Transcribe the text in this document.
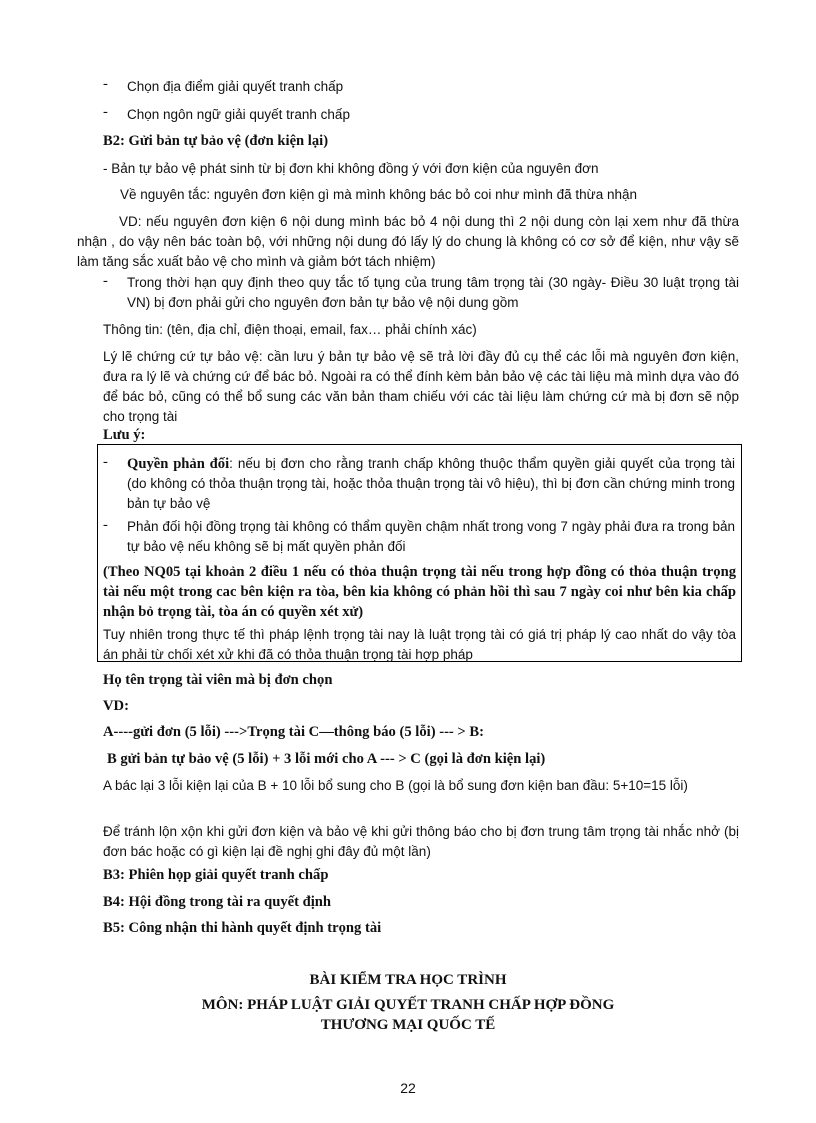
- Chọn địa điểm giải quyết tranh chấp
- Chọn ngôn ngữ giải quyết tranh chấp
B2: Gửi bản tự bảo vệ (đơn kiện lại)
- Bản tự bảo vệ phát sinh từ bị đơn khi không đồng ý với đơn kiện của nguyên đơn
Về nguyên tắc: nguyên đơn kiện gì mà mình không bác bỏ coi như mình đã thừa nhận
VD: nếu nguyên đơn kiện 6 nội dung mình bác bỏ 4 nội dung thì 2 nội dung còn lại xem như đã thừa nhận , do vậy nên bác toàn bộ, với những nội dung đó lấy lý do chung là không có cơ sở để kiện, như vậy sẽ làm tăng sắc xuất bảo vệ cho mình và giảm bớt tách nhiệm)
- Trong thời hạn quy định theo quy tắc tố tụng của trung tâm trọng tài (30 ngày- Điều 30 luật trọng tài VN) bị đơn phải gửi cho nguyên đơn bản tự bảo vệ nội dung gồm
Thông tin: (tên, địa chỉ, điện thoại, email, fax… phải chính xác)
Lý lẽ chứng cứ tự bảo vệ: cần lưu ý bản tự bảo vệ sẽ trả lời đầy đủ cụ thể các lỗi mà nguyên đơn kiện, đưa ra lý lẽ và chứng cứ để bác bỏ. Ngoài ra có thể đính kèm bản bảo vệ các tài liệu mà mình dựa vào đó để bác bỏ, cũng có thể bổ sung các văn bản tham chiếu với các tài liệu làm chứng cứ mà bị đơn sẽ nộp cho trọng tài
Lưu ý:
- Quyền phản đối: nếu bị đơn cho rằng tranh chấp không thuộc thẩm quyền giải quyết của trọng tài (do không có thỏa thuận trọng tài, hoặc thỏa thuận trọng tài vô hiệu), thì bị đơn cần chứng minh trong bản tự bảo vệ
- Phản đối hội đồng trọng tài không có thẩm quyền chậm nhất trong vong 7 ngày phải đưa ra trong bản tự bảo vệ nếu không sẽ bị mất quyền phản đối
(Theo NQ05 tại khoản 2 điều 1 nếu có thỏa thuận trọng tài nếu trong hợp đồng có thỏa thuận trọng tài nếu một trong cac bên kiện ra tòa, bên kia không có phản hồi thì sau 7 ngày coi như bên kia chấp nhận bỏ trọng tài, tòa án có quyền xét xử)
Tuy nhiên trong thực tế thì pháp lệnh trọng tài nay là luật trọng tài có giá trị pháp lý cao nhất do vậy tòa án phải từ chối xét xử khi đã có thỏa thuận trọng tài hợp pháp
Họ tên trọng tài viên mà bị đơn chọn
VD:
A----gửi đơn (5 lỗi) --->Trọng tài C—thông báo (5 lỗi) --- > B:
B gửi bản tự bảo vệ (5 lỗi) + 3 lỗi mới cho A --- > C (gọi là đơn kiện lại)
A bác lại 3 lỗi kiện lại của B + 10 lỗi bổ sung cho B (gọi là bổ sung đơn kiện ban đầu: 5+10=15 lỗi)
Để tránh lộn xộn khi gửi đơn kiện và bảo vệ khi gửi thông báo cho bị đơn trung tâm trọng tài nhắc nhở (bị đơn bác hoặc có gì kiện lại đề nghị ghi đây đủ một lần)
B3: Phiên họp giải quyết tranh chấp
B4: Hội đồng trong tài ra quyết định
B5: Công nhận thi hành quyết định trọng tài
BÀI KIỂM TRA HỌC TRÌNH
MÔN: PHÁP LUẬT GIẢI QUYẾT TRANH CHẤP HỢP ĐỒNG
THƯƠNG MẠI QUỐC TẾ
22
